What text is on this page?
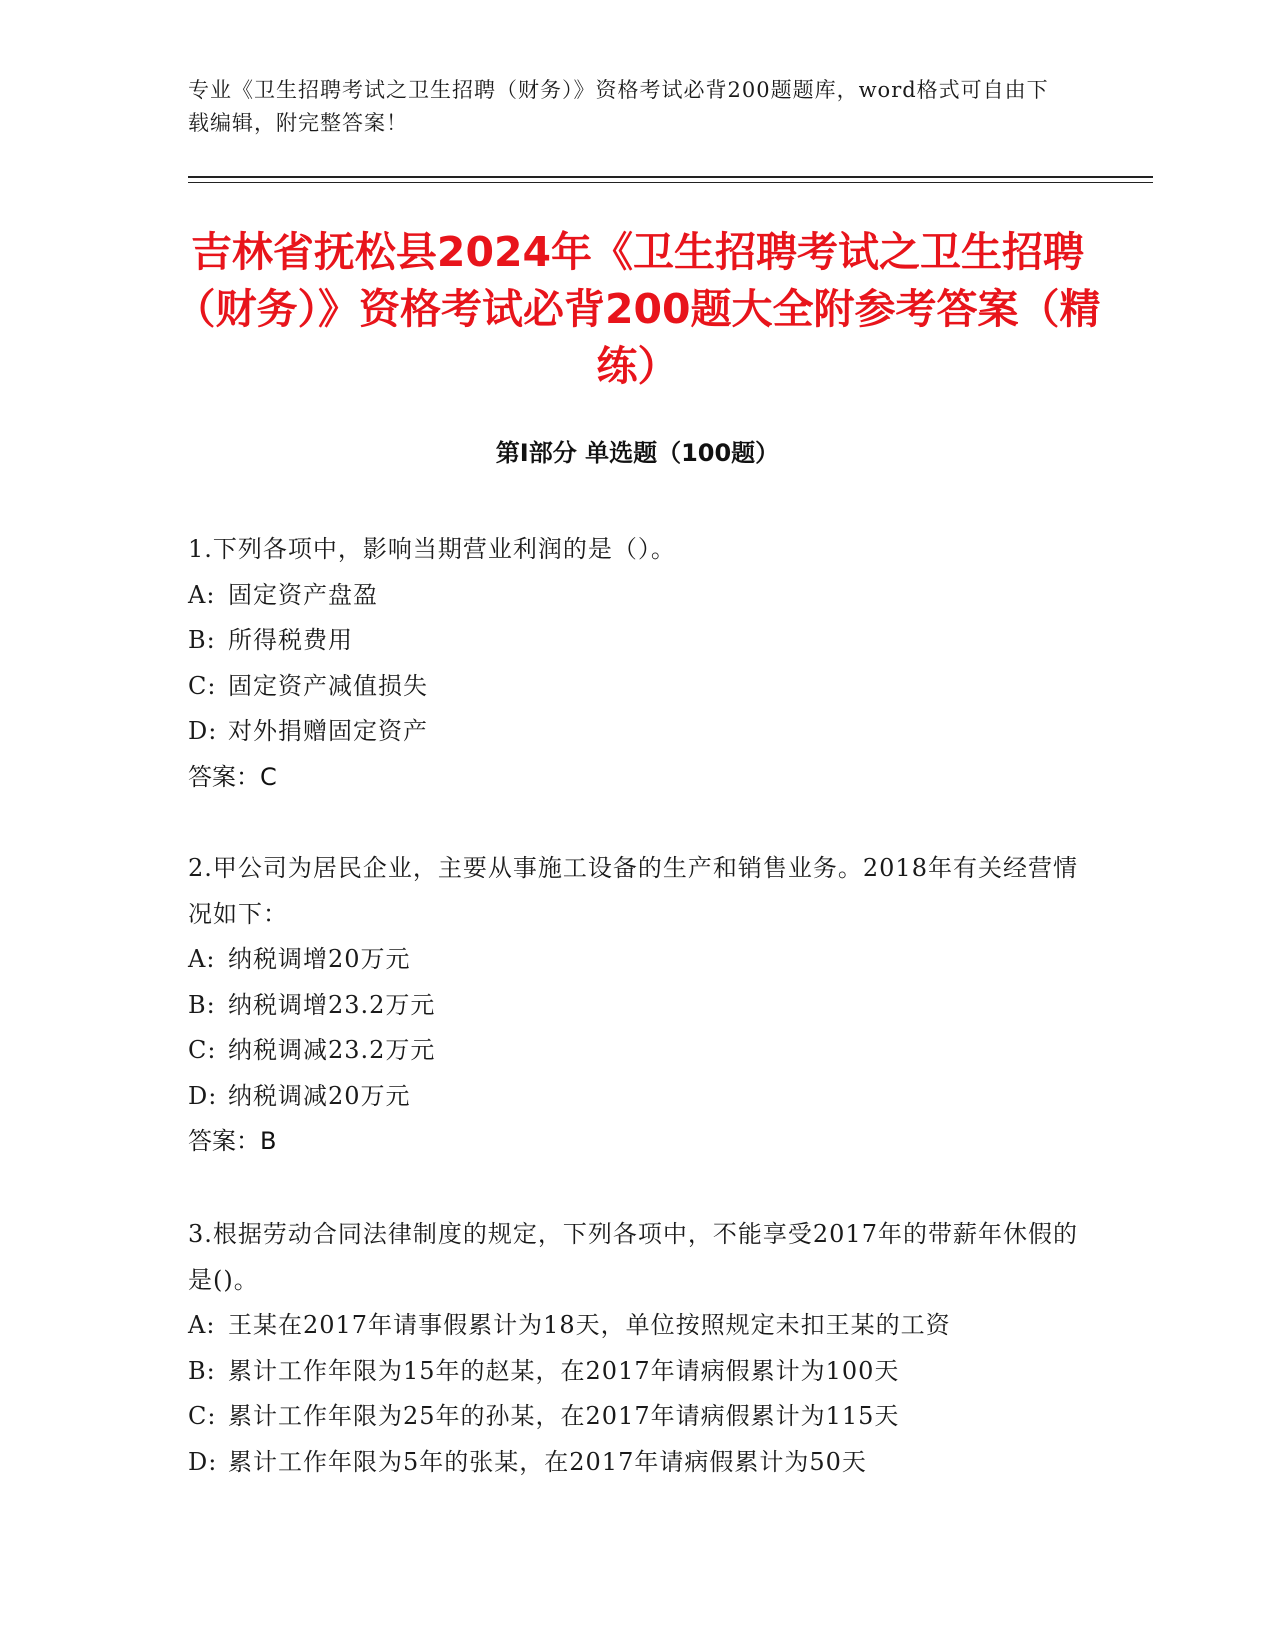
专业《卫生招聘考试之卫生招聘（财务）》资格考试必背200题题库，word格式可自由下载编辑，附完整答案！
吉林省抚松县2024年《卫生招聘考试之卫生招聘（财务）》资格考试必背200题大全附参考答案（精练）
第Ⅰ部分 单选题（100题）

1.下列各项中，影响当期营业利润的是（）。

A: 固定资产盘盈

B: 所得税费用

C: 固定资产减值损失

D: 对外捐赠固定资产

答案：C

2.甲公司为居民企业，主要从事施工设备的生产和销售业务。2018年有关经营情况如下：

A: 纳税调增20万元

B: 纳税调增23.2万元

C: 纳税调减23.2万元

D: 纳税调减20万元

答案：B

3.根据劳动合同法律制度的规定，下列各项中，不能享受2017年的带薪年休假的是()。

A: 王某在2017年请事假累计为18天，单位按照规定未扣王某的工资

B: 累计工作年限为15年的赵某，在2017年请病假累计为100天

C: 累计工作年限为25年的孙某，在2017年请病假累计为115天

D: 累计工作年限为5年的张某，在2017年请病假累计为50天
